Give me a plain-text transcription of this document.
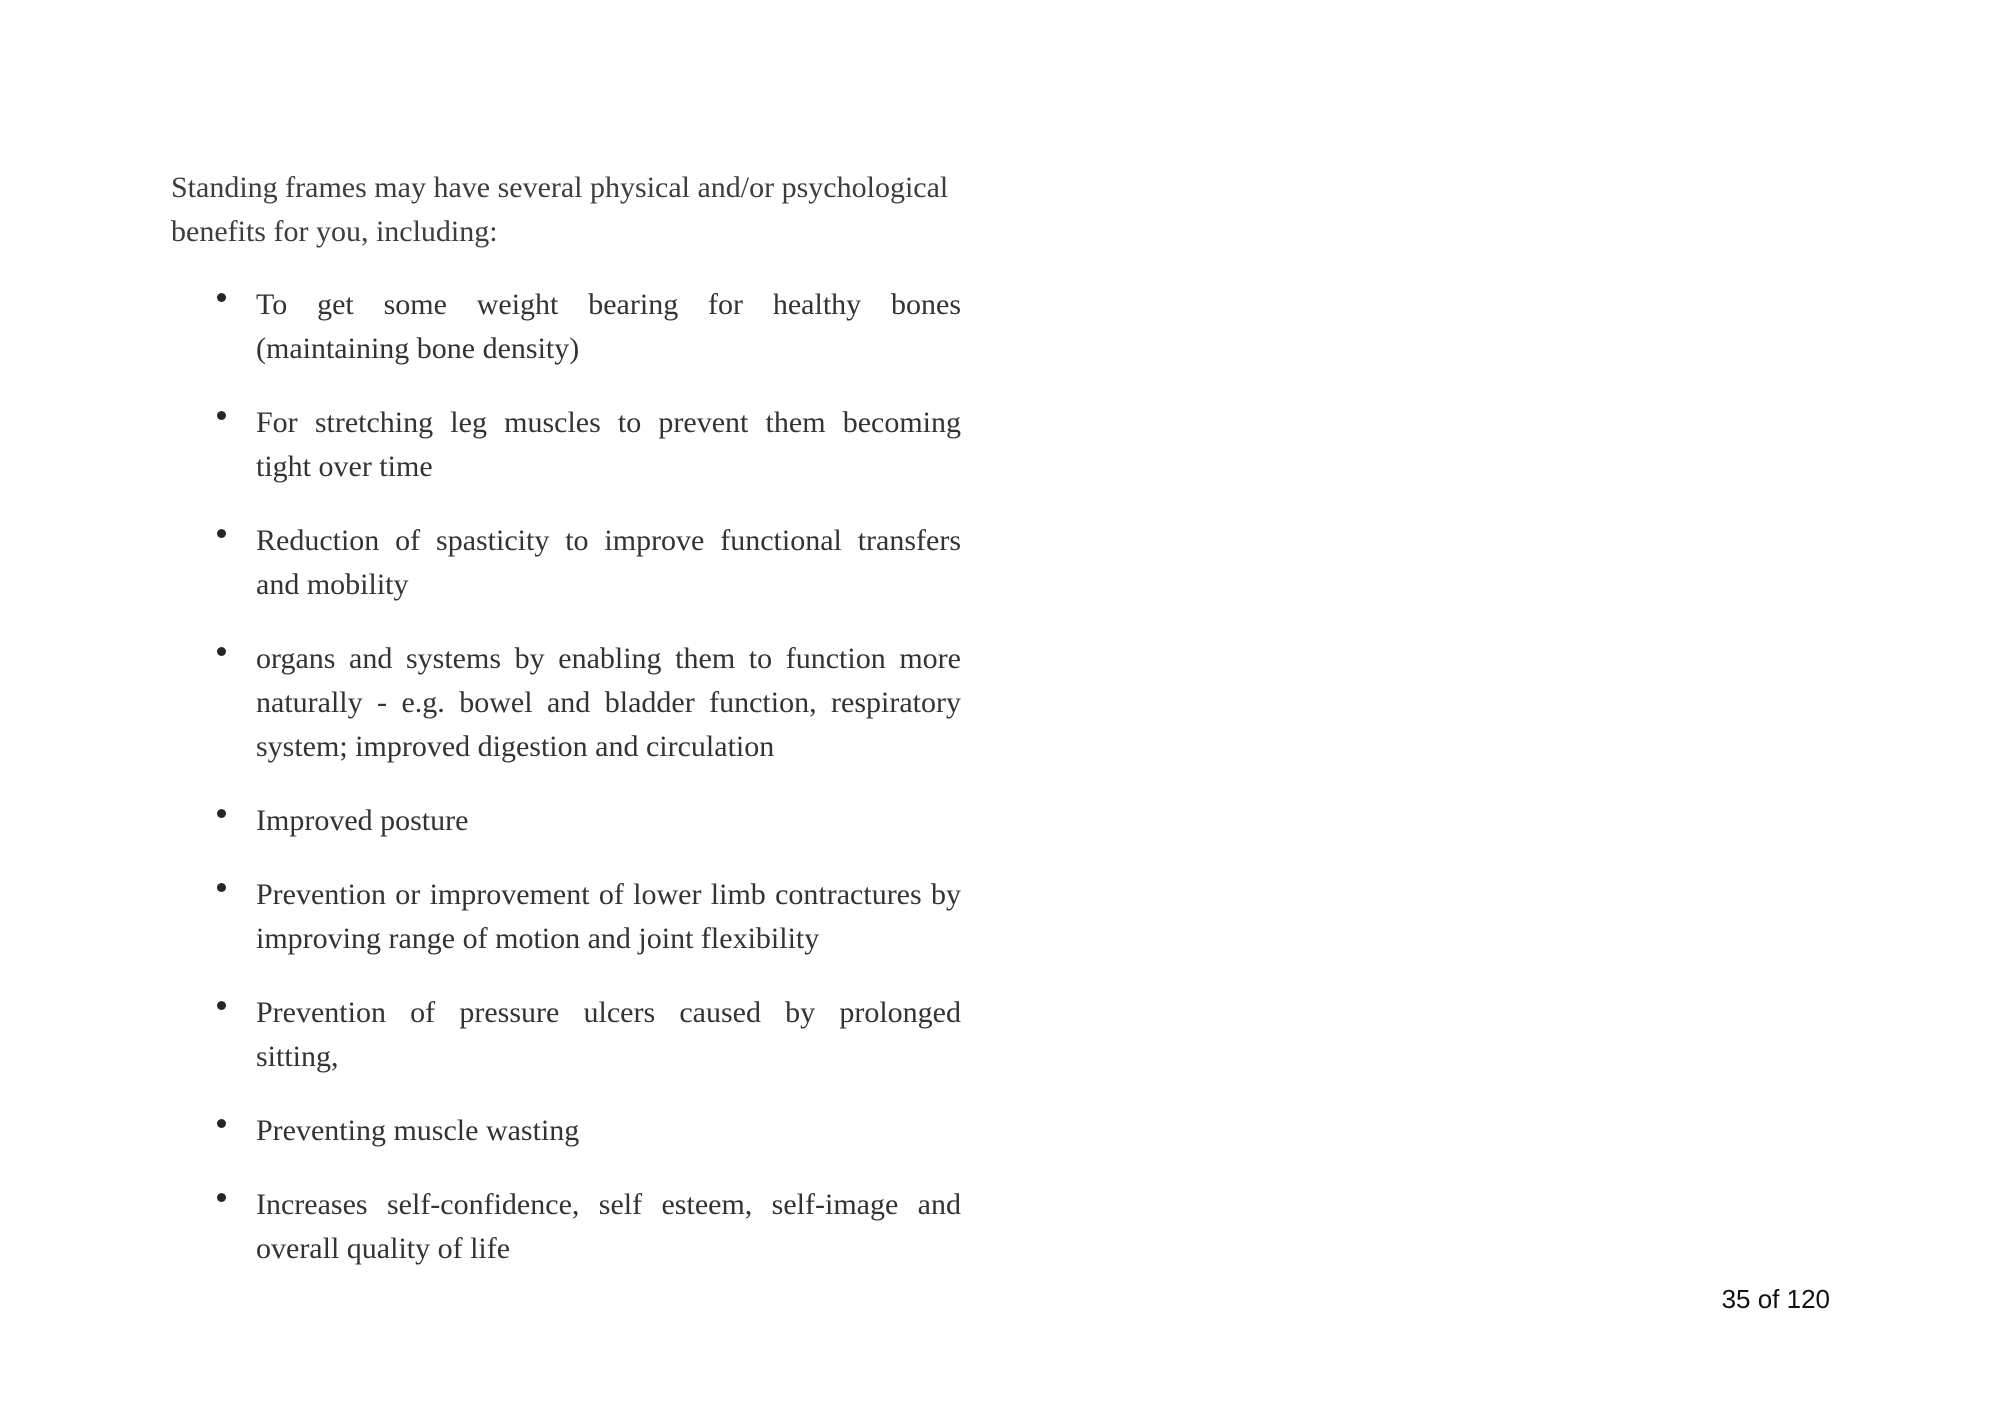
Standing frames may have several physical and/or psychological
benefits for you, including:
To get some weight bearing for healthy bones
(maintaining bone density)
For stretching leg muscles to prevent them becoming
tight over time
Reduction of spasticity to improve functional transfers
and mobility
organs and systems by enabling them to function more
naturally - e.g. bowel and bladder function, respiratory
system; improved digestion and circulation
Improved posture
Prevention or improvement of lower limb contractures by
improving range of motion and joint flexibility
Prevention of pressure ulcers caused by prolonged
sitting,
Preventing muscle wasting
Increases self-confidence, self esteem, self-image and
overall quality of life
35 of 120
